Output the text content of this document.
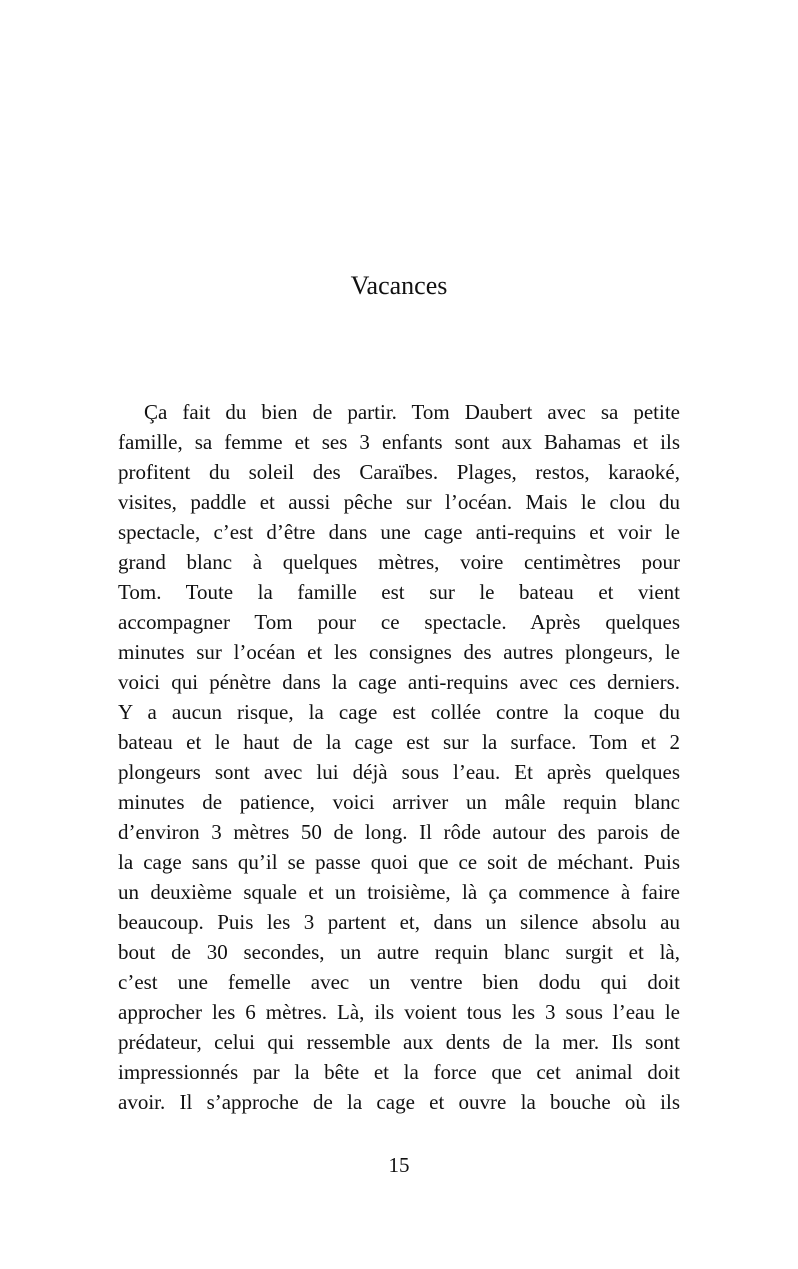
Vacances
Ça fait du bien de partir. Tom Daubert avec sa petite
famille, sa femme et ses 3 enfants sont aux Bahamas et ils
profitent du soleil des Caraïbes. Plages, restos, karaoké,
visites, paddle et aussi pêche sur l’océan. Mais le clou du
spectacle, c’est d’être dans une cage anti-requins et voir le
grand blanc à quelques mètres, voire centimètres pour
Tom. Toute la famille est sur le bateau et vient
accompagner Tom pour ce spectacle. Après quelques
minutes sur l’océan et les consignes des autres plongeurs, le
voici qui pénètre dans la cage anti-requins avec ces derniers.
Y a aucun risque, la cage est collée contre la coque du
bateau et le haut de la cage est sur la surface. Tom et 2
plongeurs sont avec lui déjà sous l’eau. Et après quelques
minutes de patience, voici arriver un mâle requin blanc
d’environ 3 mètres 50 de long. Il rôde autour des parois de
la cage sans qu’il se passe quoi que ce soit de méchant. Puis
un deuxième squale et un troisième, là ça commence à faire
beaucoup. Puis les 3 partent et, dans un silence absolu au
bout de 30 secondes, un autre requin blanc surgit et là,
c’est une femelle avec un ventre bien dodu qui doit
approcher les 6 mètres. Là, ils voient tous les 3 sous l’eau le
prédateur, celui qui ressemble aux dents de la mer. Ils sont
impressionnés par la bête et la force que cet animal doit
avoir. Il s’approche de la cage et ouvre la bouche où ils
15
